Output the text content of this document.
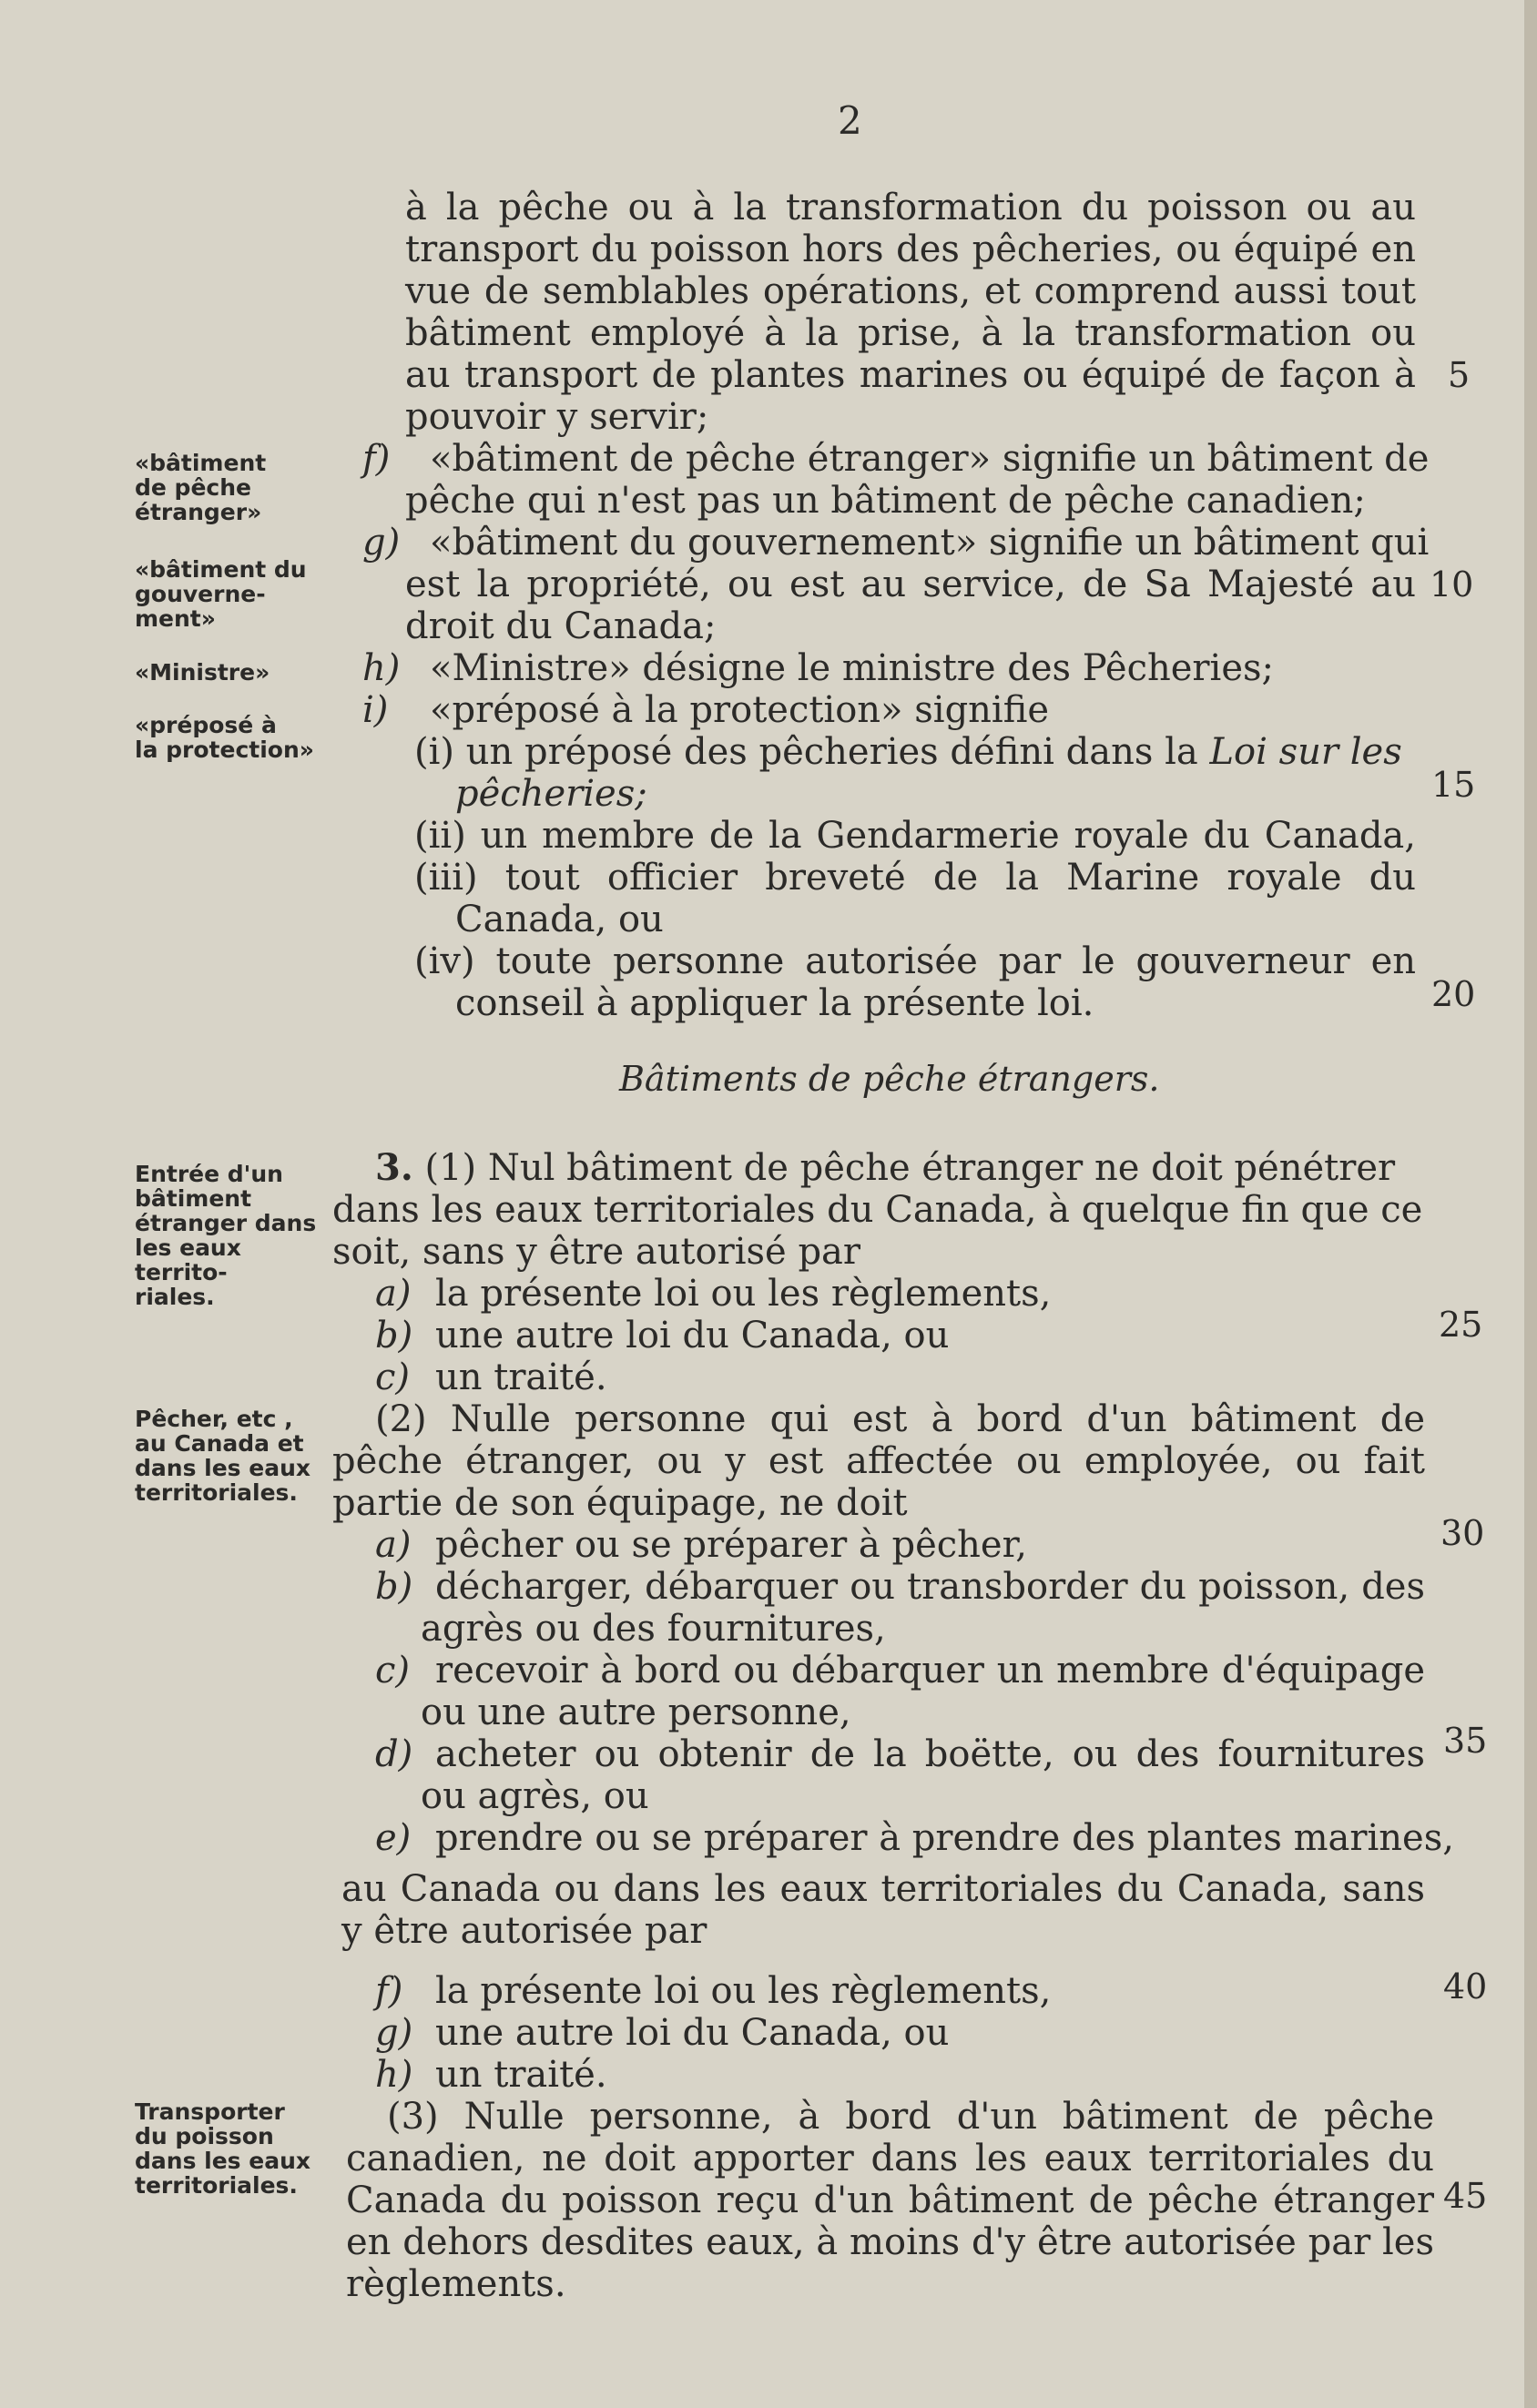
2
à la pêche ou à la transformation du poisson ou au
transport du poisson hors des pêcheries, ou équipé en
vue de semblables opérations, et comprend aussi tout
bâtiment employé à la prise, à la transformation ou
au transport de plantes marines ou équipé de façon à
pouvoir y servir;
f) «bâtiment de pêche étranger» signifie un bâtiment de
pêche qui n'est pas un bâtiment de pêche canadien;
g) «bâtiment du gouvernement» signifie un bâtiment qui
est la propriété, ou est au service, de Sa Majesté au
droit du Canada;
h) «Ministre» désigne le ministre des Pêcheries;
i) «préposé à la protection» signifie
(i) un préposé des pêcheries défini dans la Loi sur les
pêcheries;
(ii) un membre de la Gendarmerie royale du Canada,
(iii) tout officier breveté de la Marine royale du
Canada, ou
(iv) toute personne autorisée par le gouverneur en
conseil à appliquer la présente loi.
Bâtiments de pêche étrangers.
3. (1) Nul bâtiment de pêche étranger ne doit pénétrer
dans les eaux territoriales du Canada, à quelque fin que ce
soit, sans y être autorisé par
a) la présente loi ou les règlements,
b) une autre loi du Canada, ou
c) un traité.
(2) Nulle personne qui est à bord d'un bâtiment de
pêche étranger, ou y est affectée ou employée, ou fait
partie de son équipage, ne doit
a) pêcher ou se préparer à pêcher,
b) décharger, débarquer ou transborder du poisson, des
agrès ou des fournitures,
c) recevoir à bord ou débarquer un membre d'équipage
ou une autre personne,
d) acheter ou obtenir de la boëtte, ou des fournitures
ou agrès, ou
e) prendre ou se préparer à prendre des plantes marines,
au Canada ou dans les eaux territoriales du Canada, sans
y être autorisée par
f) la présente loi ou les règlements,
g) une autre loi du Canada, ou
h) un traité.
(3) Nulle personne, à bord d'un bâtiment de pêche
canadien, ne doit apporter dans les eaux territoriales du
Canada du poisson reçu d'un bâtiment de pêche étranger
en dehors desdites eaux, à moins d'y être autorisée par les
règlements.
5
10
15
20
25
30
35
40
45
«bâtiment
de pêche
étranger»
«bâtiment du
gouverne-
ment»
«Ministre»
«préposé à
la protection»
Entrée d'un
bâtiment
étranger dans
les eaux
territo-
riales.
Pêcher, etc ,
au Canada et
dans les eaux
territoriales.
Transporter
du poisson
dans les eaux
territoriales.
